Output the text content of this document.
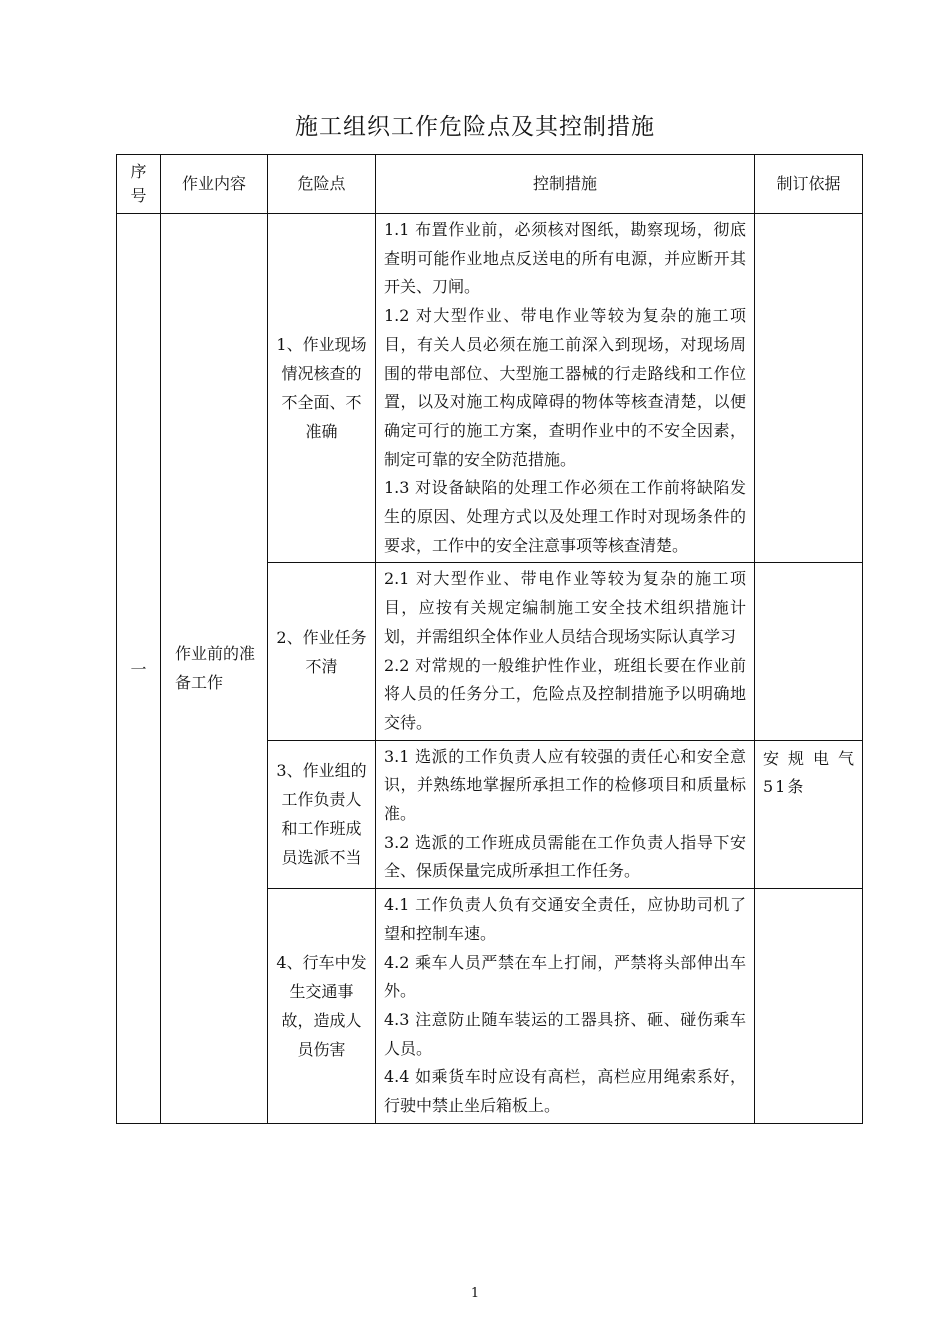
施工组织工作危险点及其控制措施
序号	作业内容	危险点	控制措施	制订依据
一	作业前的准备工作	1、作业现场情况核查的不全面、不准确	1.1 布置作业前，必须核对图纸，勘察现场，彻底查明可能作业地点反送电的所有电源，并应断开其开关、刀闸。

1.2 对大型作业、带电作业等较为复杂的施工项目，有关人员必须在施工前深入到现场，对现场周围的带电部位、大型施工器械的行走路线和工作位置，以及对施工构成障碍的物体等核查清楚，以便确定可行的施工方案，查明作业中的不安全因素，制定可靠的安全防范措施。

1.3 对设备缺陷的处理工作必须在工作前将缺陷发生的原因、处理方式以及处理工作时对现场条件的要求，工作中的安全注意事项等核查清楚。	

		2、作业任务不清	2.1 对大型作业、带电作业等较为复杂的施工项目，应按有关规定编制施工安全技术组织措施计划，并需组织全体作业人员结合现场实际认真学习

2.2 对常规的一般维护性作业，班组长要在作业前将人员的任务分工，危险点及控制措施予以明确地交待。	

		3、作业组的工作负责人和工作班成员选派不当	3.1 选派的工作负责人应有较强的责任心和安全意识，并熟练地掌握所承担工作的检修项目和质量标准。

3.2 选派的工作班成员需能在工作负责人指导下安全、保质保量完成所承担工作任务。	安规电气51条
		4、行车中发生交通事故，造成人员伤害	4.1 工作负责人负有交通安全责任，应协助司机了望和控制车速。

4.2 乘车人员严禁在车上打闹，严禁将头部伸出车外。

4.3 注意防止随车装运的工器具挤、砸、碰伤乘车人员。

4.4 如乘货车时应设有高栏，高栏应用绳索系好，行驶中禁止坐后箱板上。	

1
